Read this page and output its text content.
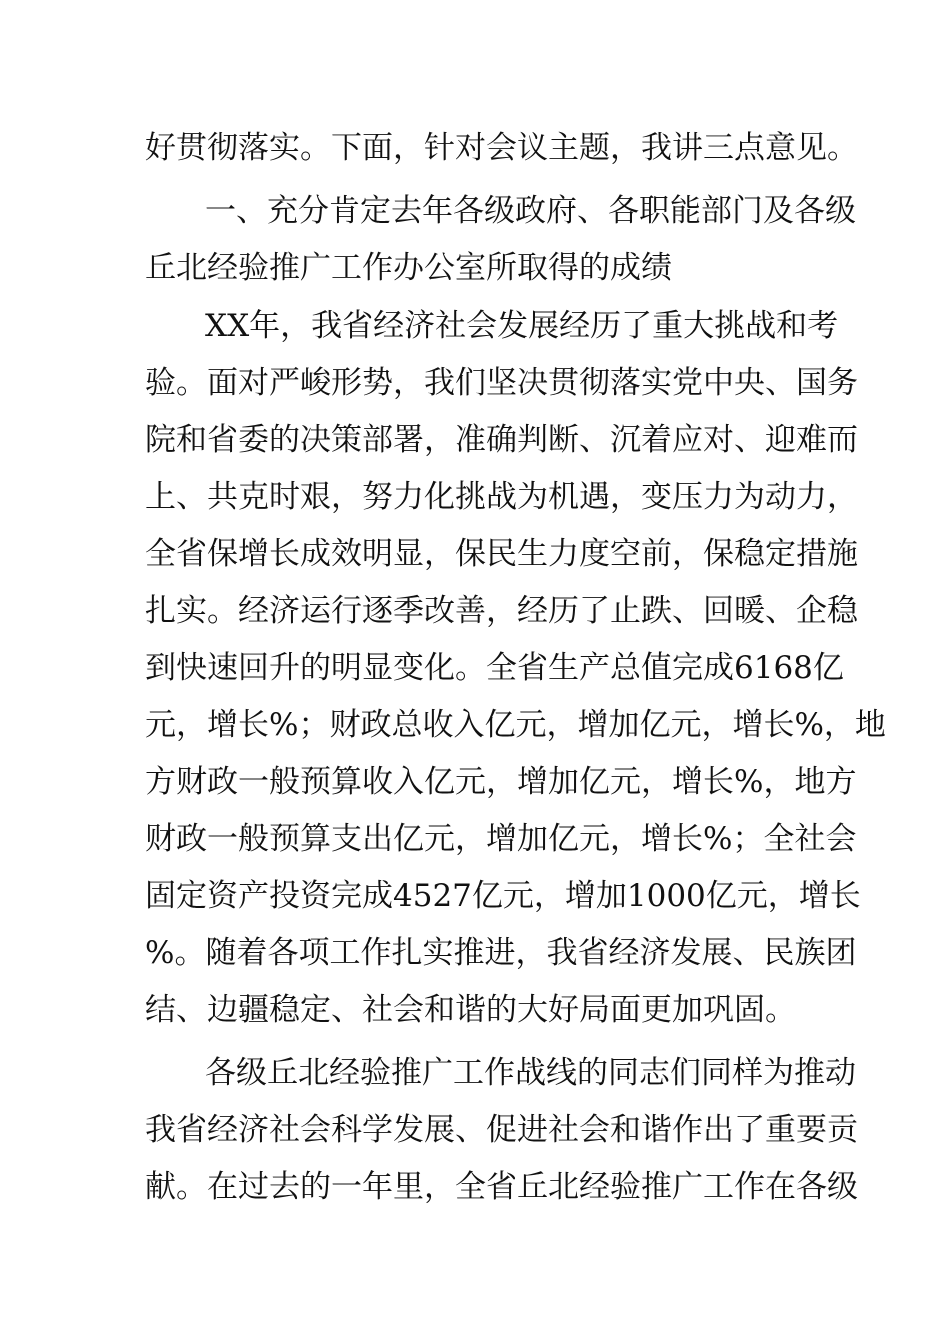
好贯彻落实。下面，针对会议主题，我讲三点意见。
一、充分肯定去年各级政府、各职能部门及各级
丘北经验推广工作办公室所取得的成绩
XX年，我省经济社会发展经历了重大挑战和考
验。面对严峻形势，我们坚决贯彻落实党中央、国务
院和省委的决策部署，准确判断、沉着应对、迎难而
上、共克时艰，努力化挑战为机遇，变压力为动力，
全省保增长成效明显，保民生力度空前，保稳定措施
扎实。经济运行逐季改善，经历了止跌、回暖、企稳
到快速回升的明显变化。全省生产总值完成6168亿
元，增长%；财政总收入亿元，增加亿元，增长%，地
方财政一般预算收入亿元，增加亿元，增长%，地方
财政一般预算支出亿元，增加亿元，增长%；全社会
固定资产投资完成4527亿元，增加1000亿元，增长
%。随着各项工作扎实推进，我省经济发展、民族团
结、边疆稳定、社会和谐的大好局面更加巩固。
各级丘北经验推广工作战线的同志们同样为推动
我省经济社会科学发展、促进社会和谐作出了重要贡
献。在过去的一年里，全省丘北经验推广工作在各级
